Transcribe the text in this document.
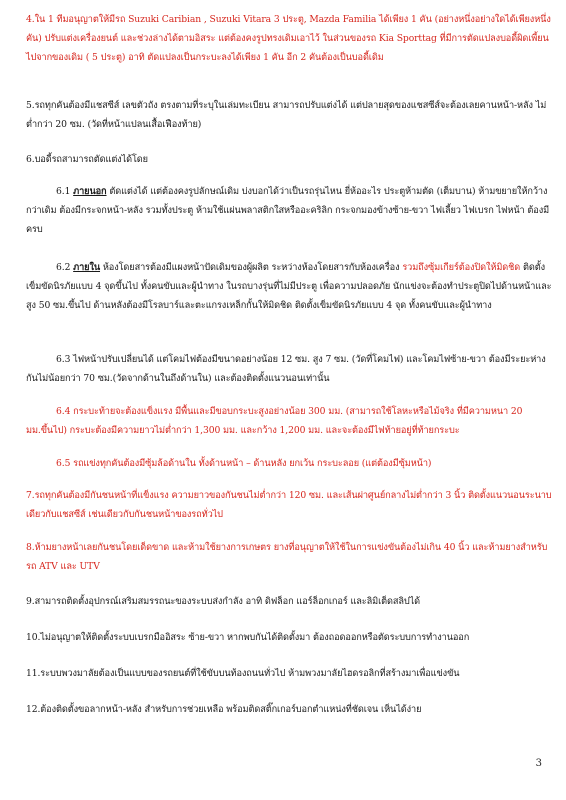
4.ใน 1 ทีมอนุญาตให้มีรถ Suzuki Caribian , Suzuki Vitara 3 ประตู, Mazda Familia ได้เพียง 1 คัน (อย่างหนึ่งอย่างใดได้เพียงหนึ่งคัน) ปรับแต่งเครื่องยนต์ และช่วงล่างได้ตามอิสระ แต่ต้องคงรูปทรงเดิมเอาไว้ ในส่วนของรถ Kia Sporttag ที่มีการตัดแปลงบอดี้ผิดเพี้ยนไปจากของเดิม ( 5 ประตู) อาทิ ตัดแปลงเป็นกระบะลงได้เพียง 1 คัน อีก 2 คันต้องเป็นบอดี้เดิม

5.รถทุกคันต้องมีแชสซีส์ เลขตัวถัง ตรงตามที่ระบุในเล่มทะเบียน สามารถปรับแต่งได้ แต่ปลายสุดของแชสซีส์จะต้องเลยคานหน้า-หลัง ไม่ต่ำกว่า 20 ซม. (วัดที่หน้าแปลนเสื้อเฟืองท้าย)

6.บอดี้รถสามารถตัดแต่งได้โดย

6.1 ภายนอก ตัดแต่งได้ แต่ต้องคงรูปลักษณ์เดิม บ่งบอกได้ว่าเป็นรถรุ่นไหน ยี่ห้ออะไร ประตูห้ามตัด (เต็มบาน) ห้ามขยายให้กว้างกว่าเดิม ต้องมีกระจกหน้า-หลัง รวมทั้งประตู ห้ามใช้แผ่นพลาสติกใสหรืออะคริลิก กระจกมองข้างซ้าย-ขวา ไฟเลี้ยว ไฟเบรก ไฟหน้า ต้องมีครบ

6.2 ภายใน ห้องโดยสารต้องมีแผงหน้าปัดเดิมของผู้ผลิต ระหว่างห้องโดยสารกับห้องเครื่อง รวมถึงซุ้มเกียร์ต้องปิดให้มิดชิด ติดตั้งเข็มขัดนิรภัยแบบ 4 จุดขึ้นไป ทั้งคนขับและผู้นำทาง ในรถบางรุ่นที่ไม่มีประตู เพื่อความปลอดภัย นักแข่งจะต้องทำประตูปิดไปด้านหน้าและสูง 50 ซม.ขึ้นไป ด้านหลังต้องมีโรลบาร์และตะแกรงเหล็กกั้นให้มิดชิด ติดตั้งเข็มขัดนิรภัยแบบ 4 จุด ทั้งคนขับและผู้นำทาง

6.3 ไฟหน้าปรับเปลี่ยนได้ แต่โคมไฟต้องมีขนาดอย่างน้อย 12 ซม. สูง 7 ซม. (วัดที่โคมไฟ) และโคมไฟซ้าย-ขวา ต้องมีระยะห่างกันไม่น้อยกว่า 70 ซม.(วัดจากด้านในถึงด้านใน) และต้องติดตั้งแนวนอนเท่านั้น

6.4 กระบะท้ายจะต้องแข็งแรง มีพื้นและมีขอบกระบะสูงอย่างน้อย 300 มม. (สามารถใช้โลหะหรือไม้จริง ที่มีความหนา 20 มม.ขึ้นไป) กระบะต้องมีความยาวไม่ต่ำกว่า 1,300 มม. และกว้าง 1,200 มม. และจะต้องมีไฟท้ายอยู่ที่ท้ายกระบะ

6.5 รถแข่งทุกคันต้องมีซุ้มล้อด้านใน ทั้งด้านหน้า – ด้านหลัง ยกเว้น กระบะลอย (แต่ต้องมีซุ้มหน้า)

7.รถทุกคันต้องมีกันชนหน้าที่แข็งแรง ความยาวของกันชนไม่ต่ำกว่า 120 ซม. และเส้นผ่าศูนย์กลางไม่ต่ำกว่า 3 นิ้ว ติดตั้งแนวนอนระนาบเดียวกับแชสซีส์ เช่นเดียวกับกันชนหน้าของรถทั่วไป

8.ห้ามยางหน้าเลยกันชนโดยเด็ดขาด และห้ามใช้ยางการเกษตร ยางที่อนุญาตให้ใช้ในการแข่งขันต้องไม่เกิน 40 นิ้ว และห้ามยางสำหรับรถ ATV และ UTV

9.สามารถติดตั้งอุปกรณ์เสริมสมรรถนะของระบบส่งกำลัง อาทิ ดิฟล็อก แอร์ล็อกเกอร์ และลิมิเต็ดสลิปได้

10.ไม่อนุญาตให้ติดตั้งระบบเบรกมืออิสระ ซ้าย-ขวา หากพบกันได้ติดตั้งมา ต้องถอดออกหรือตัดระบบการทำงานออก

11.ระบบพวงมาลัยต้องเป็นแบบของรถยนต์ที่ใช้ขับบนท้องถนนทั่วไป ห้ามพวงมาลัยไฮดรอลิกที่สร้างมาเพื่อแข่งขัน

12.ต้องติดตั้งขอลากหน้า-หลัง สำหรับการช่วยเหลือ พร้อมติดสติ๊กเกอร์บอกตำแหน่งที่ชัดเจน เห็นได้ง่าย

3
